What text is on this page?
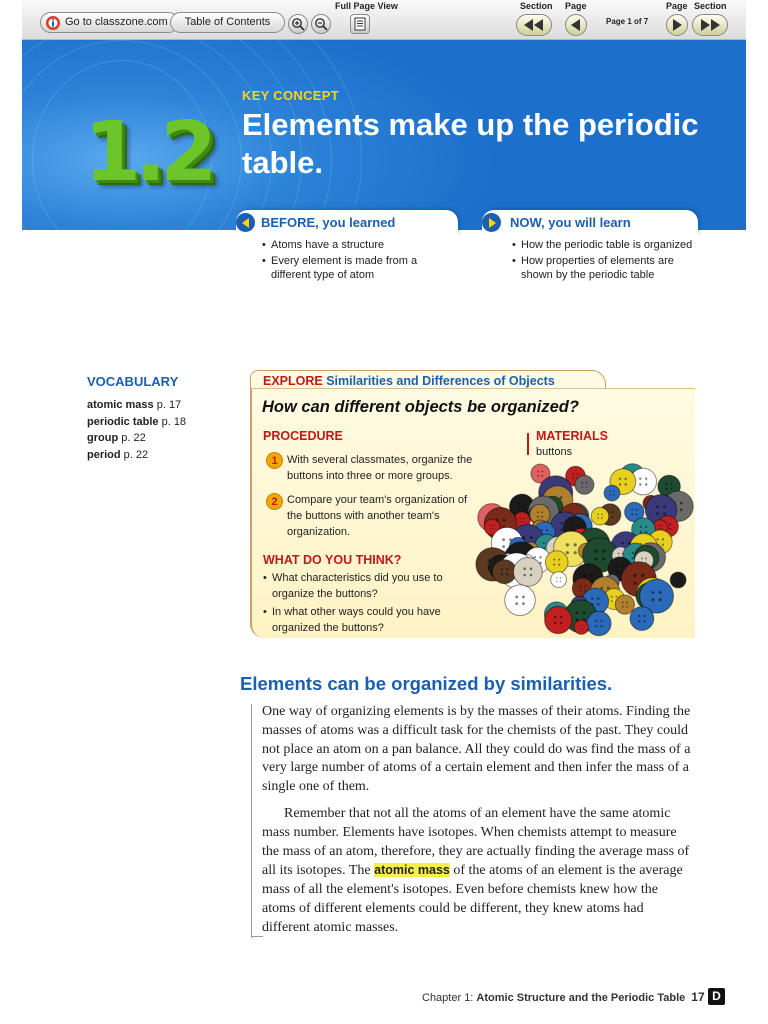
Go to classzone.com	Table of Contents
Full Page View	Section Page
Page 1 of 7
Page Section
1.2
KEY CONCEPT
Elements make up the periodic table.
BEFORE, you learned
• Atoms have a structure
• Every element is made from a different type of atom
NOW, you will learn
• How the periodic table is organized
• How properties of elements are shown by the periodic table
VOCABULARY
atomic mass p. 17
periodic table p. 18
group p. 22
period p. 22
EXPLORE Similarities and Differences of Objects
How can different objects be organized?
PROCEDURE
1 With several classmates, organize the buttons into three or more groups.
2 Compare your team's organization of the buttons with another team's organization.
WHAT DO YOU THINK?
• What characteristics did you use to organize the buttons?
• In what other ways could you have organized the buttons?
MATERIALS
buttons
Elements can be organized by similarities.

One way of organizing elements is by the masses of their atoms. Finding the masses of atoms was a difficult task for the chemists of the past. They could not place an atom on a pan balance. All they could do was find the mass of a very large number of atoms of a certain element and then infer the mass of a single one of them.

Remember that not all the atoms of an element have the same atomic mass number. Elements have isotopes. When chemists attempt to measure the mass of an atom, therefore, they are actually finding the average mass of all its isotopes. The atomic mass of the atoms of an element is the average mass of all the element's isotopes. Even before chemists knew how the atoms of different elements could be different, they knew atoms had different atomic masses.

Chapter 1: Atomic Structure and the Periodic Table 17 D
